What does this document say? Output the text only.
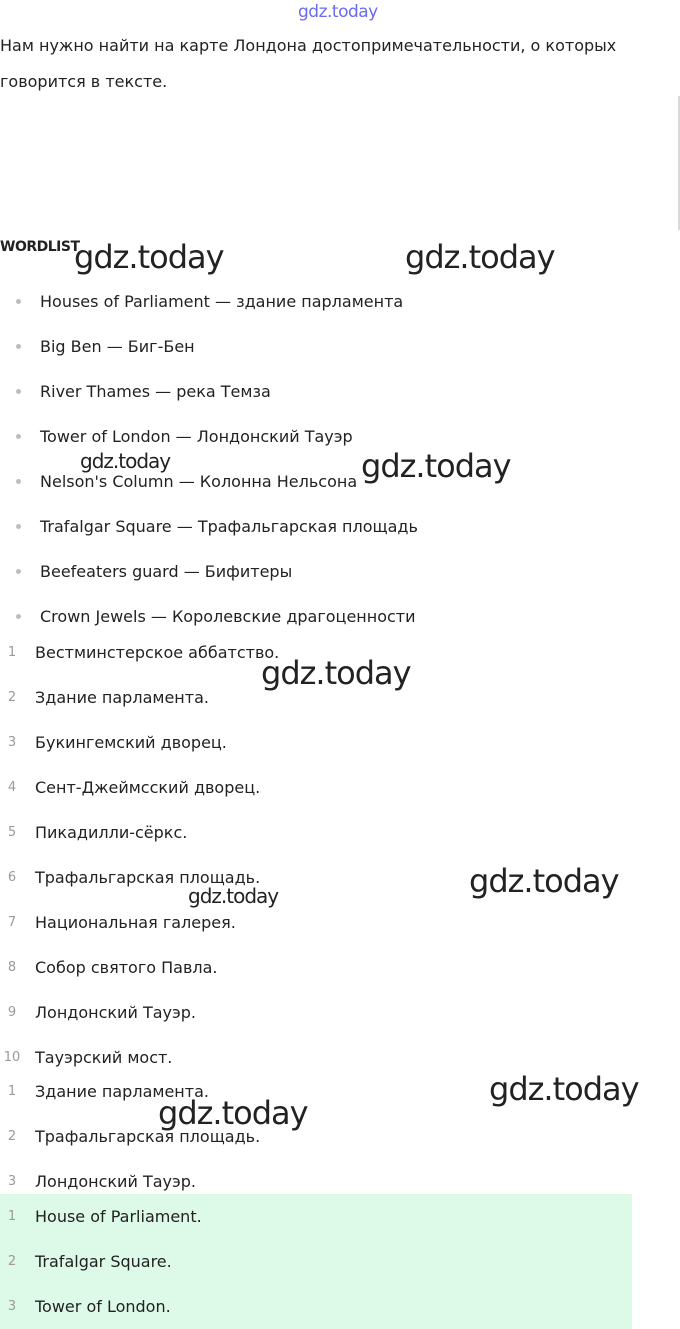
gdz.today
Нам нужно найти на карте Лондона достопримечательности, о которых говорится в тексте.
WORDLIST
Houses of Parliament — здание парламента
Big Ben — Биг-Бен
River Thames — река Темза
Tower of London — Лондонский Тауэр
Nelson's Column — Колонна Нельсона
Trafalgar Square — Трафальгарская площадь
Beefeaters guard — Бифитеры
Crown Jewels — Королевские драгоценности
1	Вестминстерское аббатство.
2	Здание парламента.
3	Букингемский дворец.
4	Сент-Джеймсский дворец.
5	Пикадилли-сёркс.
6	Трафальгарская площадь.
7	Национальная галерея.
8	Собор святого Павла.
9	Лондонский Тауэр.
10 Тауэрский мост.
1	Здание парламента.
2	Трафальгарская площадь.
3	Лондонский Тауэр.
1	House of Parliament.
2	Trafalgar Square.
3	Tower of London.
gdz.today	gdz.today
gdz.today	gdz.today
gdz.today
gdz.today
gdz.today
gdz.today
gdz.today
